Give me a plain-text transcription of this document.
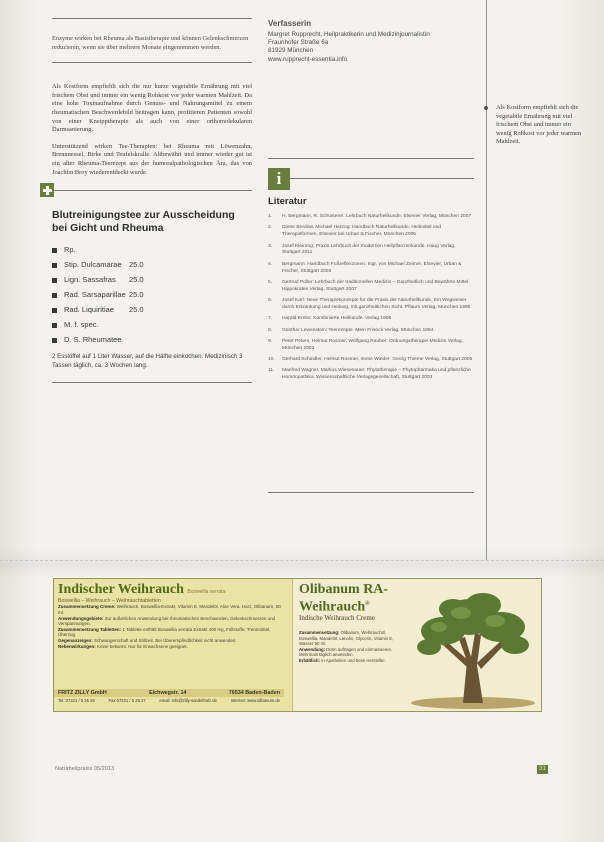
Enzyme wirken bei Rheuma als Basistherapie und können Gelenkschmerzen reduzieren, wenn sie über mehrere Monate eingenommen werden.

Als Kostform empfiehlt sich die nur kurze vegetabile Ernährung mit viel frischem Obst und immer ein wenig Rohkost vor jeder warmen Mahlzeit. Da eine hohe Toxinaufnahme durch Genuss- und Nahrungsmittel zu einem rheumatischen Beschwerdebild beitragen kann, profitieren Patienten sowohl von einer Kneipptherapie als auch von einer orthomolekularen Darmsanierung.

Unterstützend wirken Tee-Therapien: bei Rheuma mit Löwenzahn, Brennnessel, Birke und Teufelskralle. Altbewährt und immer wieder gut ist ein alter Rheuma-Teerezept aus der humoralpathologischen Ära, das von Joachim Broy wiederentdeckt wurde.

Blutreinigungstee zur Ausscheidung bei Gicht und Rheuma
Rp.
Stip. Dulcamarae 25.0
Lign. Sassafras	25.0
Rad. Sarsaparillae 25.0
Rad. Liquiritiae	25.0
M. f. spec.
D. S. Rheumatee

2 Esslöffel auf 1 Liter Wasser, auf die Hälfte einkochen. Medizinisch 3 Tassen täglich, ca. 3 Wochen lang.

Verfasserin
Margret Rupprecht, Heilpraktikerin und Medizinjournalistin
Fraunhofer Straße 6a
81929 München
www.rupprecht-essentia.info
i
Literatur
1.	H. Bergmann, R. Schusterer: Lehrbuch Naturheilkunde. Elsevier Verlag, München 2007
2.	Dieter Bredow, Michael Herzog: Handbuch Naturheilkunde, Heilmittel und Therapieformen. Elsevier bei Urban & Fischer, München 2005
3.	Josef Kleinrog: Praxis Lehrbuch der modernen Heilpflanzenkunde. Haug Verlag, Stuttgart 2011
4.	Bergmann: Handbuch Fußreflexzonen. Ingr. von Michael Zeimer. Elsevier, Urban & Fischer, Stuttgart 2003
5.	Gertrud Poller: Lehrbuch der traditionellen Medizin – Ganzheitlich und Bewährte Mittel. Hippokrates Verlag, Stuttgart 2007
6.	Josef Karl: Neue Therapiekonzepte für die Praxis der Naturheilkunde. Ein Wegweiser durch Erkrankung und Heilung, mit ganzheitlichen Sicht. Pflaum Verlag, München 1995
7.	Harald Krebs: Kombinierte Heilkunde. Verlag 1996
8.	Günther Lewenstein: Teerezepte. Mein Friseck Verlag, München 1994
9.	Peter Peters, Helmut Rosmer, Wolfgang Rauber: Ordnungstherapie Medizin Verlag, München 2003
10.	Gerhard Schindler, Helmut Rosmer, Imme Wieder: Georg Thieme Verlag, Stuttgart 2005
11.	Manfred Wagner, Markus Wiesenauer: Phytotherapie – Phytopharmaka und pflanzliche Homöopathika. Wissenschaftliche Verlagsgesellschaft, Stuttgart 2003
Als Kostform empfiehlt sich die vegetabile Ernährung mit viel frischem Obst und immer ein wenig Rohkost vor jeder warmen Mahlzeit.
Indischer Weihrauch Boswellia serrata
Boswellia – Weihrauch – Weihrauchtabletten
Zusammensetzung Creme: Weihrauch, Boswellia-Extrakt, Vitamin E, Mandelöl, Aloe Vera, Harz, Olibanum, 50 ml.
Anwendungsgebiete: Zur äußerlichen Anwendung bei rheumatischen Beschwerden, Gelenkschmerzen und Verspannungen.
Zusammensetzung Tabletten: 1 Tablette enthält Boswellia serrata Extrakt 400 mg, Füllstoffe, Trennmittel, Überzug.
Gegenanzeigen: Schwangerschaft und Stillzeit. Bei Überempfindlichkeit nicht anwenden.
Nebenwirkungen: Keine bekannt. Nur für Erwachsene geeignet.
FRITZ ZILLY GmbH	Eichwegstr. 14	76534 Baden-Baden
Tel. 07221 / 5 25 26	Fax 07221 / 5 25 27	email: info@zilly-sandelholz.de	Internet: www.olibanum.de
Olibanum RA-
Weihrauch®
Indische Weihrauch Creme
Zusammensetzung: Olibanum, Weihrauchöl, Boswellia, Mandelöl, Lanolin, Glycerin, Vitamin E, Wasser 50 ml.
Anwendung: Dünn auftragen und einmassieren. Mehrmals täglich anwenden.
Erhältlich: In Apotheken und beim Hersteller.
Naturheilpraxis 05/2013	31
